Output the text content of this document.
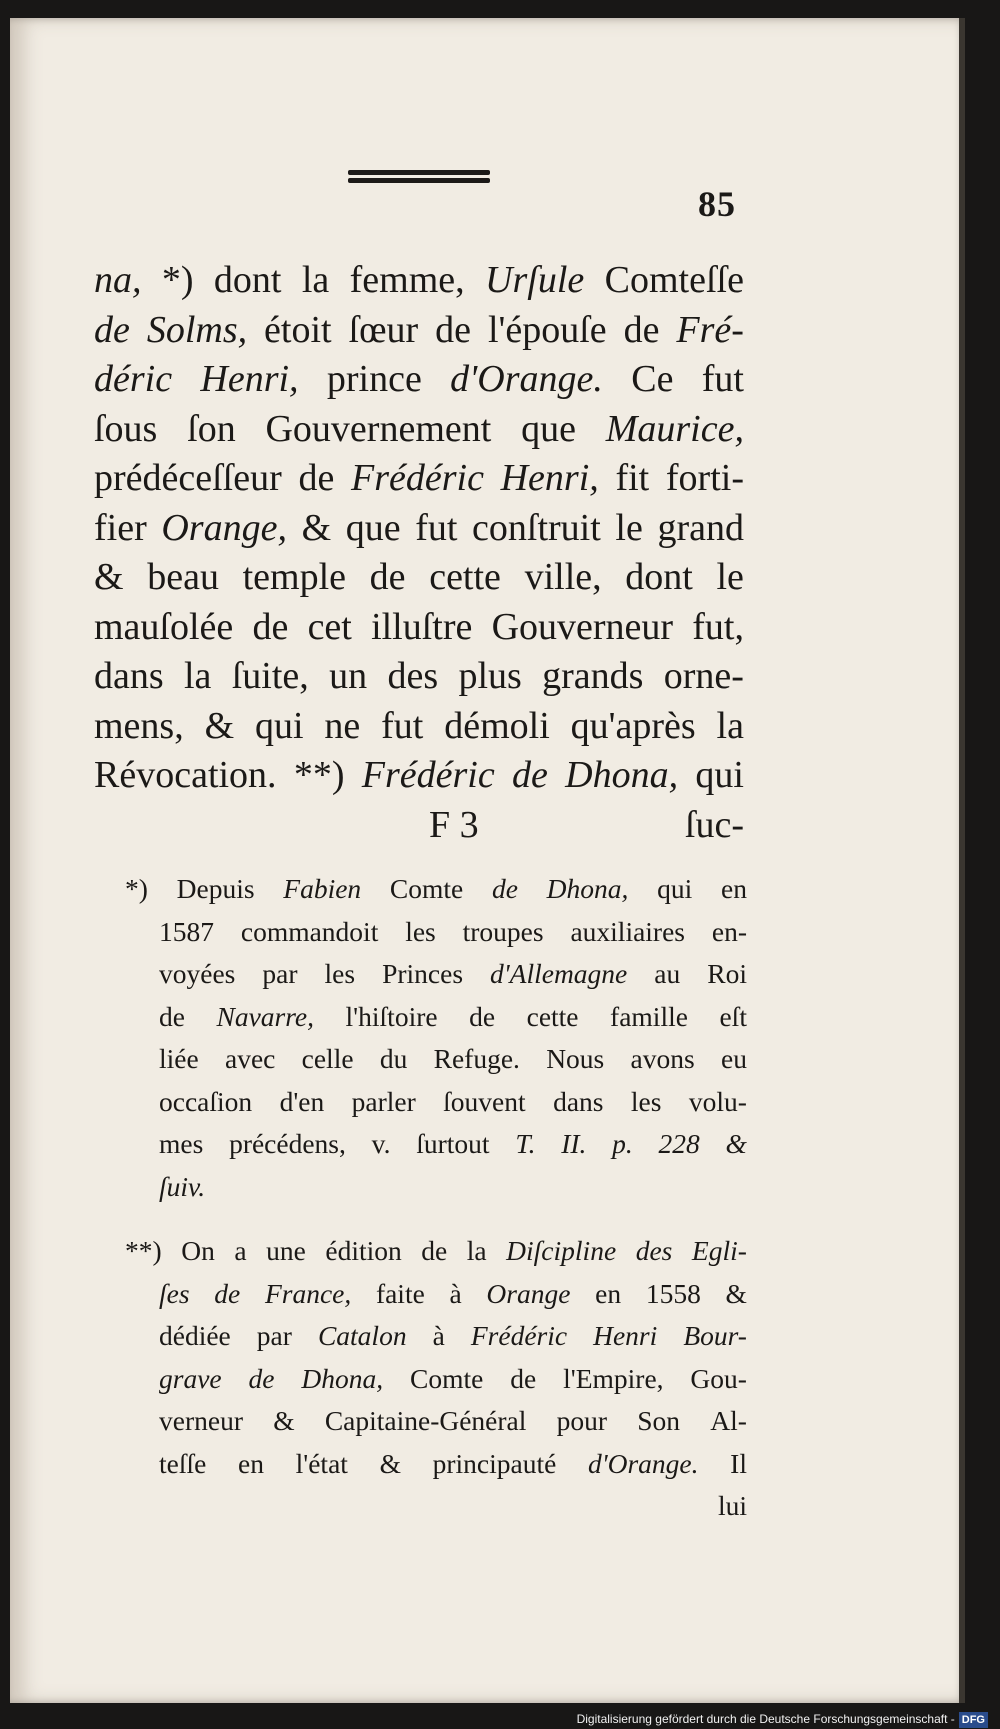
85
na, *) dont la femme, Urſule Comteſſe
de Solms, étoit ſœur de l'épouſe de Fré-
déric Henri, prince d'Orange. Ce fut
ſous ſon Gouvernement que Maurice,
prédéceſſeur de Frédéric Henri, fit forti-
fier Orange, & que fut conſtruit le grand
& beau temple de cette ville, dont le
mauſolée de cet illuſtre Gouverneur fut,
dans la ſuite, un des plus grands orne-
mens, & qui ne fut démoli qu'après la
Révocation. **) Frédéric de Dhona, qui
F 3	ſuc-
*) Depuis Fabien Comte de Dhona, qui en
1587 commandoit les troupes auxiliaires en-
voyées par les Princes d'Allemagne au Roi
de Navarre, l'hiſtoire de cette famille eſt
liée avec celle du Refuge. Nous avons eu
occaſion d'en parler ſouvent dans les volu-
mes précédens, v. ſurtout T. II. p. 228 &
ſuiv.
**) On a une édition de la Diſcipline des Egli-
ſes de France, faite à Orange en 1558 &
dédiée par Catalon à Frédéric Henri Bour-
grave de Dhona, Comte de l'Empire, Gou-
verneur & Capitaine-Général pour Son Al-
teſſe en l'état & principauté d'Orange. Il
lui
Digitalisierung gefördert durch die Deutsche Forschungsgemeinschaft - DFG
